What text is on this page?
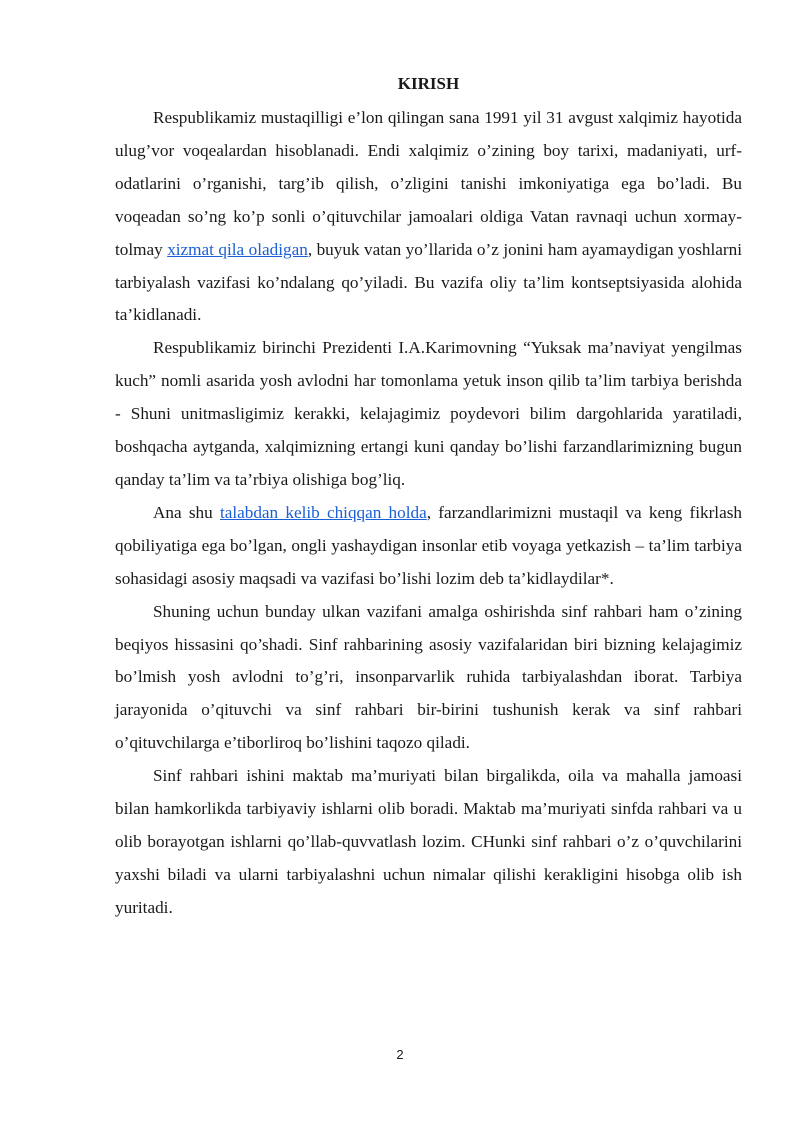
KIRISH

Respublikamiz mustaqilligi e’lon qilingan sana 1991 yil 31 avgust xalqimiz hayotida ulug’vor voqealardan hisoblanadi. Endi xalqimiz o’zining boy tarixi, madaniyati, urf-odatlarini o’rganishi, targ’ib qilish, o’zligini tanishi imkoniyatiga ega bo’ladi. Bu voqeadan so’ng ko’p sonli o’qituvchilar jamoalari oldiga Vatan ravnaqi uchun xormay-tolmay xizmat qila oladigan, buyuk vatan yo’llarida o’z jonini ham ayamaydigan yoshlarni tarbiyalash vazifasi ko’ndalang qo’yiladi. Bu vazifa oliy ta’lim kontseptsiyasida alohida ta’kidlanadi.

Respublikamiz birinchi Prezidenti I.A.Karimovning “Yuksak ma’naviyat yengilmas kuch” nomli asarida yosh avlodni har tomonlama yetuk inson qilib ta’lim tarbiya berishda - Shuni unitmasligimiz kerakki, kelajagimiz poydevori bilim dargohlarida yaratiladi, boshqacha aytganda, xalqimizning ertangi kuni qanday bo’lishi farzandlarimizning bugun qanday ta’lim va ta’rbiya olishiga bog’liq.

Ana shu talabdan kelib chiqqan holda, farzandlarimizni mustaqil va keng fikrlash qobiliyatiga ega bo’lgan, ongli yashaydigan insonlar etib voyaga yetkazish – ta’lim tarbiya sohasidagi asosiy maqsadi va vazifasi bo’lishi lozim deb ta’kidlaydilar*.

Shuning uchun bunday ulkan vazifani amalga oshirishda sinf rahbari ham o’zining beqiyos hissasini qo’shadi. Sinf rahbarining asosiy vazifalaridan biri bizning kelajagimiz bo’lmish yosh avlodni to’g’ri, insonparvarlik ruhida tarbiyalashdan iborat. Tarbiya jarayonida o’qituvchi va sinf rahbari bir-birini tushunish kerak va sinf rahbari o’qituvchilarga e’tiborliroq bo’lishini taqozo qiladi.

Sinf rahbari ishini maktab ma’muriyati bilan birgalikda, oila va mahalla jamoasi bilan hamkorlikda tarbiyaviy ishlarni olib boradi. Maktab ma’muriyati sinfda rahbari va u olib borayotgan ishlarni qo’llab-quvvatlash lozim. CHunki sinf rahbari o’z o’quvchilarini yaxshi biladi va ularni tarbiyalashni uchun nimalar qilishi kerakligini hisobga olib ish yuritadi.

2
